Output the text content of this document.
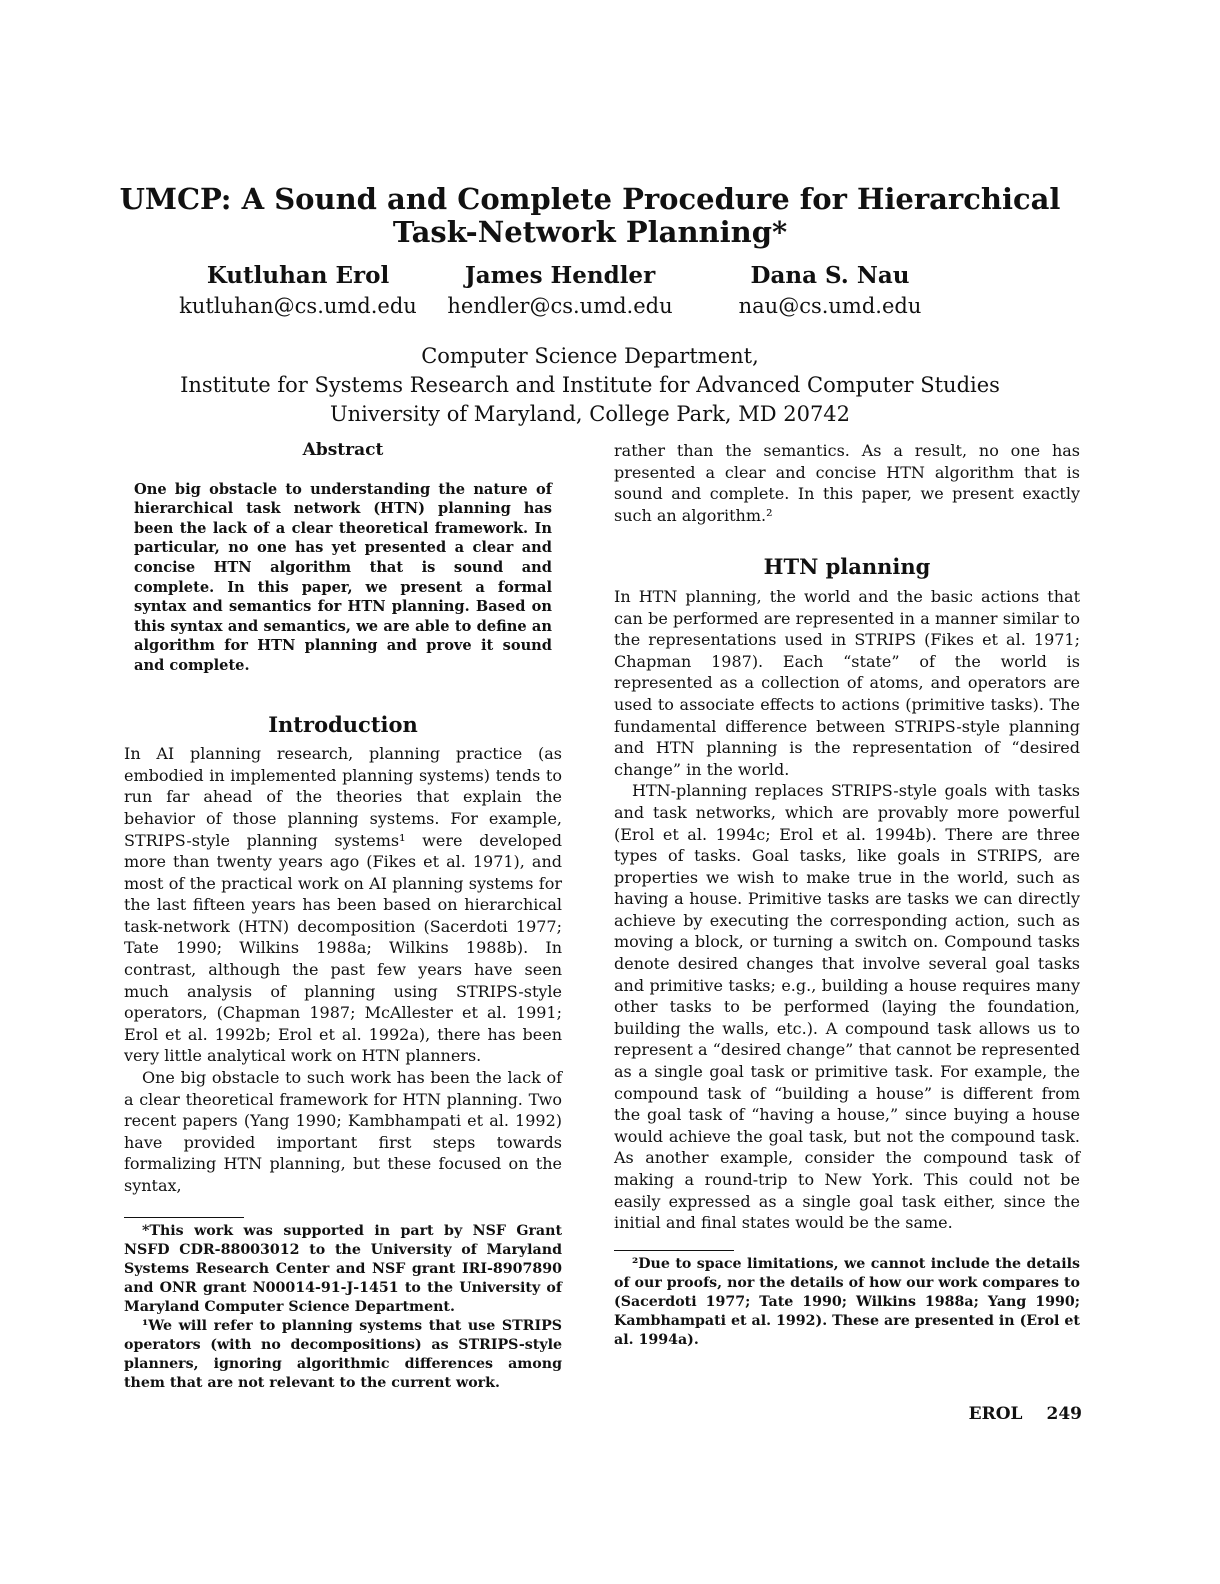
UMCP: A Sound and Complete Procedure for Hierarchical
Task-Network Planning*
Kutluhan Erol
kutluhan@cs.umd.edu
James Hendler
hendler@cs.umd.edu
Dana S. Nau
nau@cs.umd.edu
Computer Science Department,
Institute for Systems Research and Institute for Advanced Computer Studies
University of Maryland, College Park, MD 20742
Abstract

One big obstacle to understanding the nature of hierarchical task network (HTN) planning has been the lack of a clear theoretical framework. In particular, no one has yet presented a clear and concise HTN algorithm that is sound and complete. In this paper, we present a formal syntax and semantics for HTN planning. Based on this syntax and semantics, we are able to define an algorithm for HTN planning and prove it sound and complete.

Introduction

In AI planning research, planning practice (as embodied in implemented planning systems) tends to run far ahead of the theories that explain the behavior of those planning systems. For example, STRIPS-style planning systems¹ were developed more than twenty years ago (Fikes et al. 1971), and most of the practical work on AI planning systems for the last fifteen years has been based on hierarchical task-network (HTN) decomposition (Sacerdoti 1977; Tate 1990; Wilkins 1988a; Wilkins 1988b). In contrast, although the past few years have seen much analysis of planning using STRIPS-style operators, (Chapman 1987; McAllester et al. 1991; Erol et al. 1992b; Erol et al. 1992a), there has been very little analytical work on HTN planners.

One big obstacle to such work has been the lack of a clear theoretical framework for HTN planning. Two recent papers (Yang 1990; Kambhampati et al. 1992) have provided important first steps towards formalizing HTN planning, but these focused on the syntax,

*This work was supported in part by NSF Grant NSFD CDR-88003012 to the University of Maryland Systems Research Center and NSF grant IRI-8907890 and ONR grant N00014-91-J-1451 to the University of Maryland Computer Science Department.

¹We will refer to planning systems that use STRIPS operators (with no decompositions) as STRIPS-style planners, ignoring algorithmic differences among them that are not relevant to the current work.

rather than the semantics. As a result, no one has presented a clear and concise HTN algorithm that is sound and complete. In this paper, we present exactly such an algorithm.²

HTN planning

In HTN planning, the world and the basic actions that can be performed are represented in a manner similar to the representations used in STRIPS (Fikes et al. 1971; Chapman 1987). Each “state” of the world is represented as a collection of atoms, and operators are used to associate effects to actions (primitive tasks). The fundamental difference between STRIPS-style planning and HTN planning is the representation of “desired change” in the world.

HTN-planning replaces STRIPS-style goals with tasks and task networks, which are provably more powerful (Erol et al. 1994c; Erol et al. 1994b). There are three types of tasks. Goal tasks, like goals in STRIPS, are properties we wish to make true in the world, such as having a house. Primitive tasks are tasks we can directly achieve by executing the corresponding action, such as moving a block, or turning a switch on. Compound tasks denote desired changes that involve several goal tasks and primitive tasks; e.g., building a house requires many other tasks to be performed (laying the foundation, building the walls, etc.). A compound task allows us to represent a “desired change” that cannot be represented as a single goal task or primitive task. For example, the compound task of “building a house” is different from the goal task of “having a house,” since buying a house would achieve the goal task, but not the compound task. As another example, consider the compound task of making a round-trip to New York. This could not be easily expressed as a single goal task either, since the initial and final states would be the same.

²Due to space limitations, we cannot include the details of our proofs, nor the details of how our work compares to (Sacerdoti 1977; Tate 1990; Wilkins 1988a; Yang 1990; Kambhampati et al. 1992). These are presented in (Erol et al. 1994a).

EROL 249
